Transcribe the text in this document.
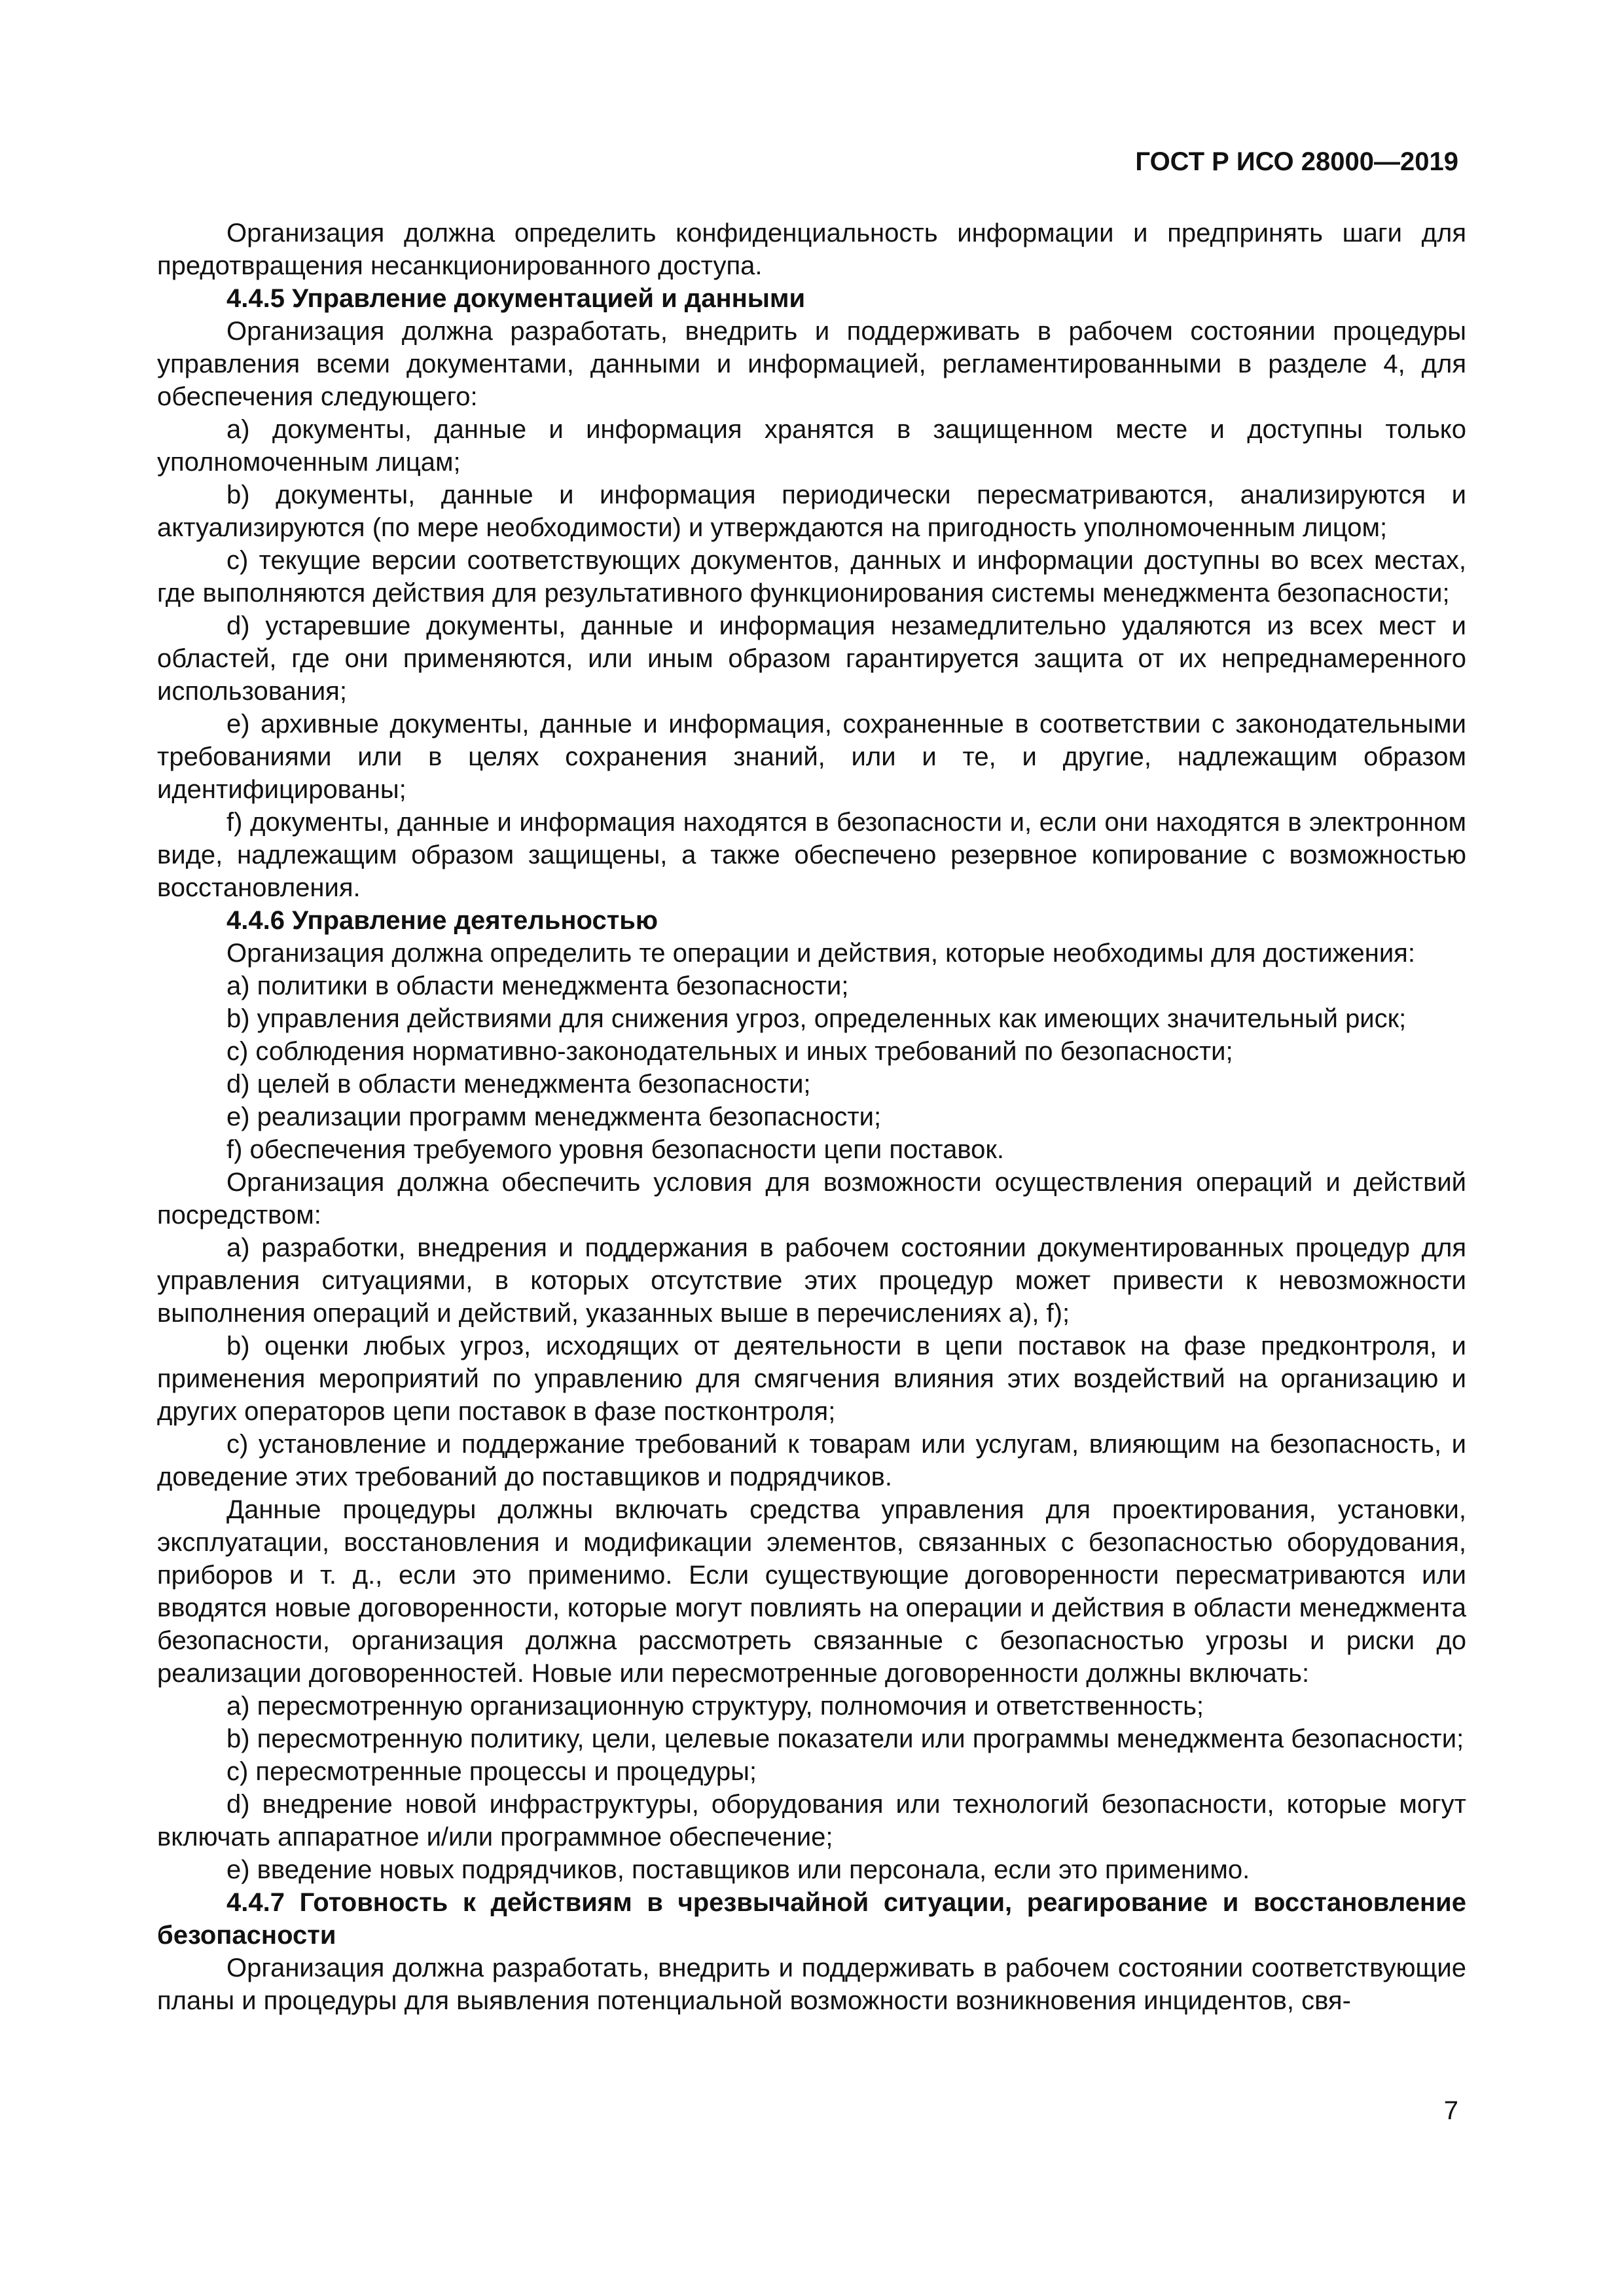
ГОСТ Р ИСО 28000—2019

Организация должна определить конфиденциальность информации и предпринять шаги для предотвращения несанкционированного доступа.

4.4.5 Управление документацией и данными

Организация должна разработать, внедрить и поддерживать в рабочем состоянии процедуры управления всеми документами, данными и информацией, регламентированными в разделе 4, для обеспечения следующего:

a) документы, данные и информация хранятся в защищенном месте и доступны только уполномоченным лицам;

b) документы, данные и информация периодически пересматриваются, анализируются и актуализируются (по мере необходимости) и утверждаются на пригодность уполномоченным лицом;

c) текущие версии соответствующих документов, данных и информации доступны во всех местах, где выполняются действия для результативного функционирования системы менеджмента безопасности;

d) устаревшие документы, данные и информация незамедлительно удаляются из всех мест и областей, где они применяются, или иным образом гарантируется защита от их непреднамеренного использования;

e) архивные документы, данные и информация, сохраненные в соответствии с законодательными требованиями или в целях сохранения знаний, или и те, и другие, надлежащим образом идентифицированы;

f) документы, данные и информация находятся в безопасности и, если они находятся в электронном виде, надлежащим образом защищены, а также обеспечено резервное копирование с возможностью восстановления.

4.4.6 Управление деятельностью

Организация должна определить те операции и действия, которые необходимы для достижения:

a) политики в области менеджмента безопасности;

b) управления действиями для снижения угроз, определенных как имеющих значительный риск;

c) соблюдения нормативно-законодательных и иных требований по безопасности;

d) целей в области менеджмента безопасности;

e) реализации программ менеджмента безопасности;

f) обеспечения требуемого уровня безопасности цепи поставок.

Организация должна обеспечить условия для возможности осуществления операций и действий посредством:

a) разработки, внедрения и поддержания в рабочем состоянии документированных процедур для управления ситуациями, в которых отсутствие этих процедур может привести к невозможности выполнения операций и действий, указанных выше в перечислениях а), f);

b) оценки любых угроз, исходящих от деятельности в цепи поставок на фазе предконтроля, и применения мероприятий по управлению для смягчения влияния этих воздействий на организацию и других операторов цепи поставок в фазе постконтроля;

c) установление и поддержание требований к товарам или услугам, влияющим на безопасность, и доведение этих требований до поставщиков и подрядчиков.

Данные процедуры должны включать средства управления для проектирования, установки, эксплуатации, восстановления и модификации элементов, связанных с безопасностью оборудования, приборов и т. д., если это применимо. Если существующие договоренности пересматриваются или вводятся новые договоренности, которые могут повлиять на операции и действия в области менеджмента безопасности, организация должна рассмотреть связанные с безопасностью угрозы и риски до реализации договоренностей. Новые или пересмотренные договоренности должны включать:

a) пересмотренную организационную структуру, полномочия и ответственность;

b) пересмотренную политику, цели, целевые показатели или программы менеджмента безопасности;

c) пересмотренные процессы и процедуры;

d) внедрение новой инфраструктуры, оборудования или технологий безопасности, которые могут включать аппаратное и/или программное обеспечение;

e) введение новых подрядчиков, поставщиков или персонала, если это применимо.

4.4.7 Готовность к действиям в чрезвычайной ситуации, реагирование и восстановление безопасности

Организация должна разработать, внедрить и поддерживать в рабочем состоянии соответствующие планы и процедуры для выявления потенциальной возможности возникновения инцидентов, свя-

7
